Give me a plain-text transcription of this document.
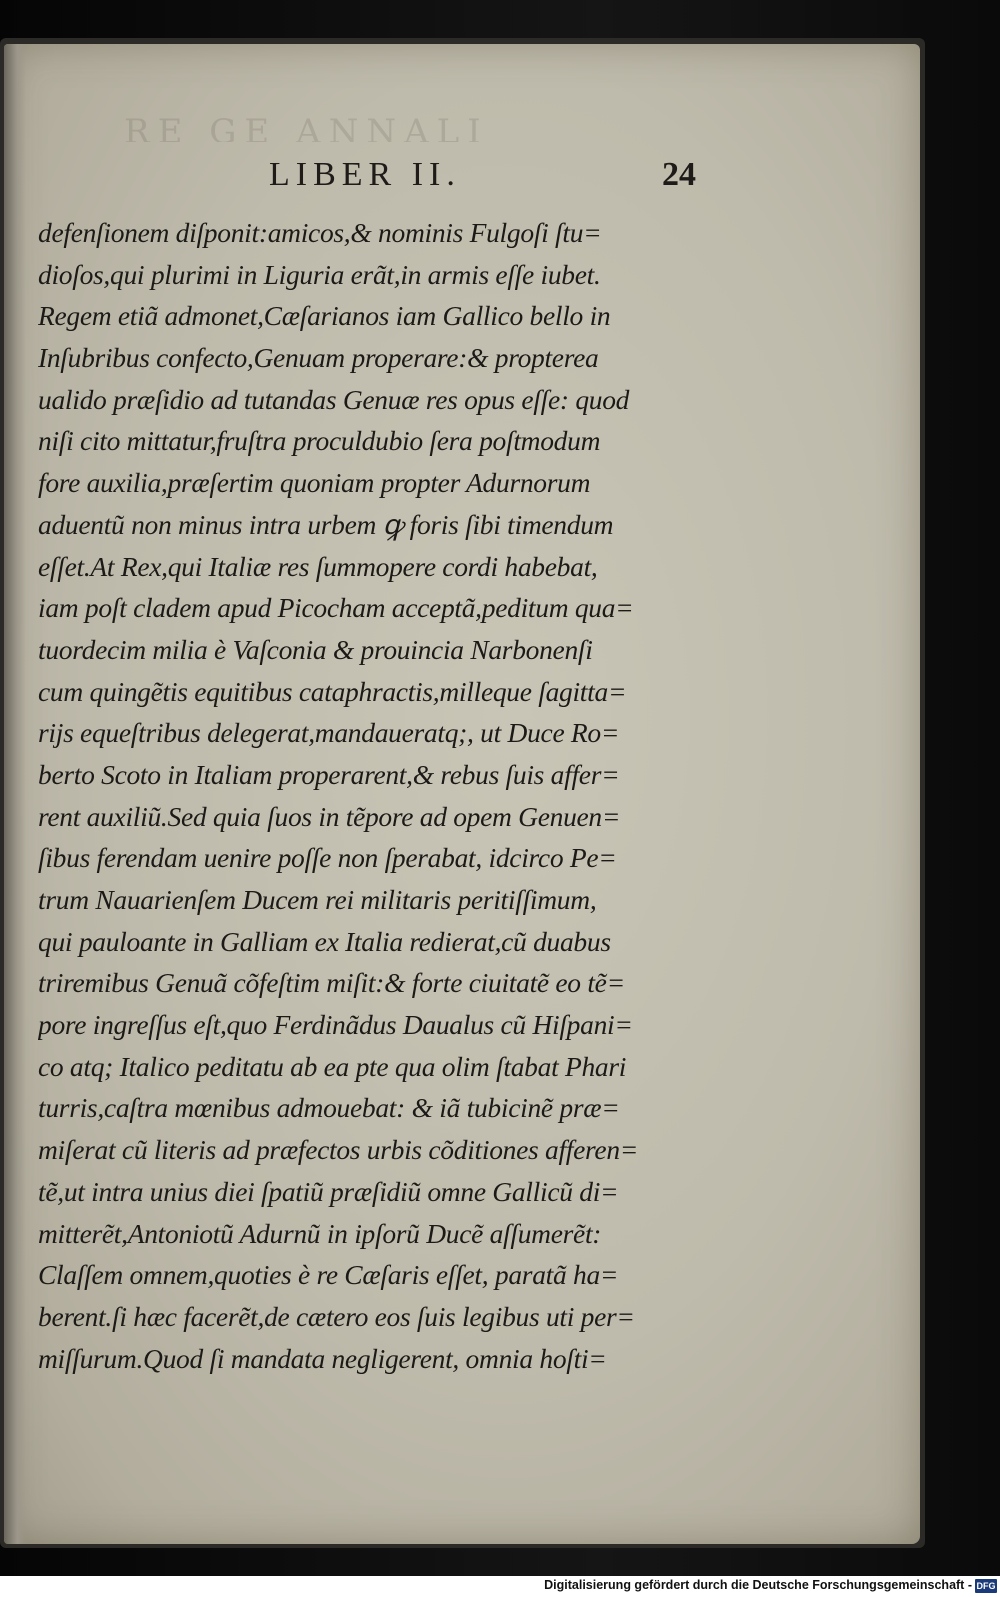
RE GE ANNALI
LIBER II.	24
defenſionem diſponit:amicos,& nominis Fulgoſi ſtu=
dioſos,qui plurimi in Liguria erãt,in armis eſſe iubet.
Regem etiã admonet,Cæſarianos iam Gallico bello in
Inſubribus confecto,Genuam properare:& propterea
ualido præſidio ad tutandas Genuæ res opus eſſe: quod
niſi cito mittatur,fruſtra proculdubio ſera poſtmodum
fore auxilia,præſertim quoniam propter Adurnorum
aduentũ non minus intra urbem ꝙ foris ſibi timendum
eſſet.At Rex,qui Italiæ res ſummopere cordi habebat,
iam poſt cladem apud Picocham acceptã,peditum qua=
tuordecim milia è Vaſconia & prouincia Narbonenſi
cum quingẽtis equitibus cataphractis,milleque ſagitta=
rijs equeſtribus delegerat,mandaueratq;, ut Duce Ro=
berto Scoto in Italiam properarent,& rebus ſuis affer=
rent auxiliũ.Sed quia ſuos in tẽpore ad opem Genuen=
ſibus ferendam uenire poſſe non ſperabat, idcirco Pe=
trum Nauarienſem Ducem rei militaris peritiſſimum,
qui pauloante in Galliam ex Italia redierat,cũ duabus
triremibus Genuã cõfeſtim miſit:& forte ciuitatẽ eo tẽ=
pore ingreſſus eſt,quo Ferdinãdus Daualus cũ Hiſpani=
co atq; Italico peditatu ab ea pte qua olim ſtabat Phari
turris,caſtra mœnibus admouebat: & iã tubicinẽ præ=
miſerat cũ literis ad præfectos urbis cõditiones afferen=
tẽ,ut intra unius diei ſpatiũ præſidiũ omne Gallicũ di=
mitterẽt,Antoniotũ Adurnũ in ipſorũ Ducẽ aſſumerẽt:
Claſſem omnem,quoties è re Cæſaris eſſet, paratã ha=
berent.ſi hæc facerẽt,de cætero eos ſuis legibus uti per=
miſſurum.Quod ſi mandata negligerent, omnia hoſti=
Digitalisierung gefördert durch die Deutsche Forschungsgemeinschaft - DFG
